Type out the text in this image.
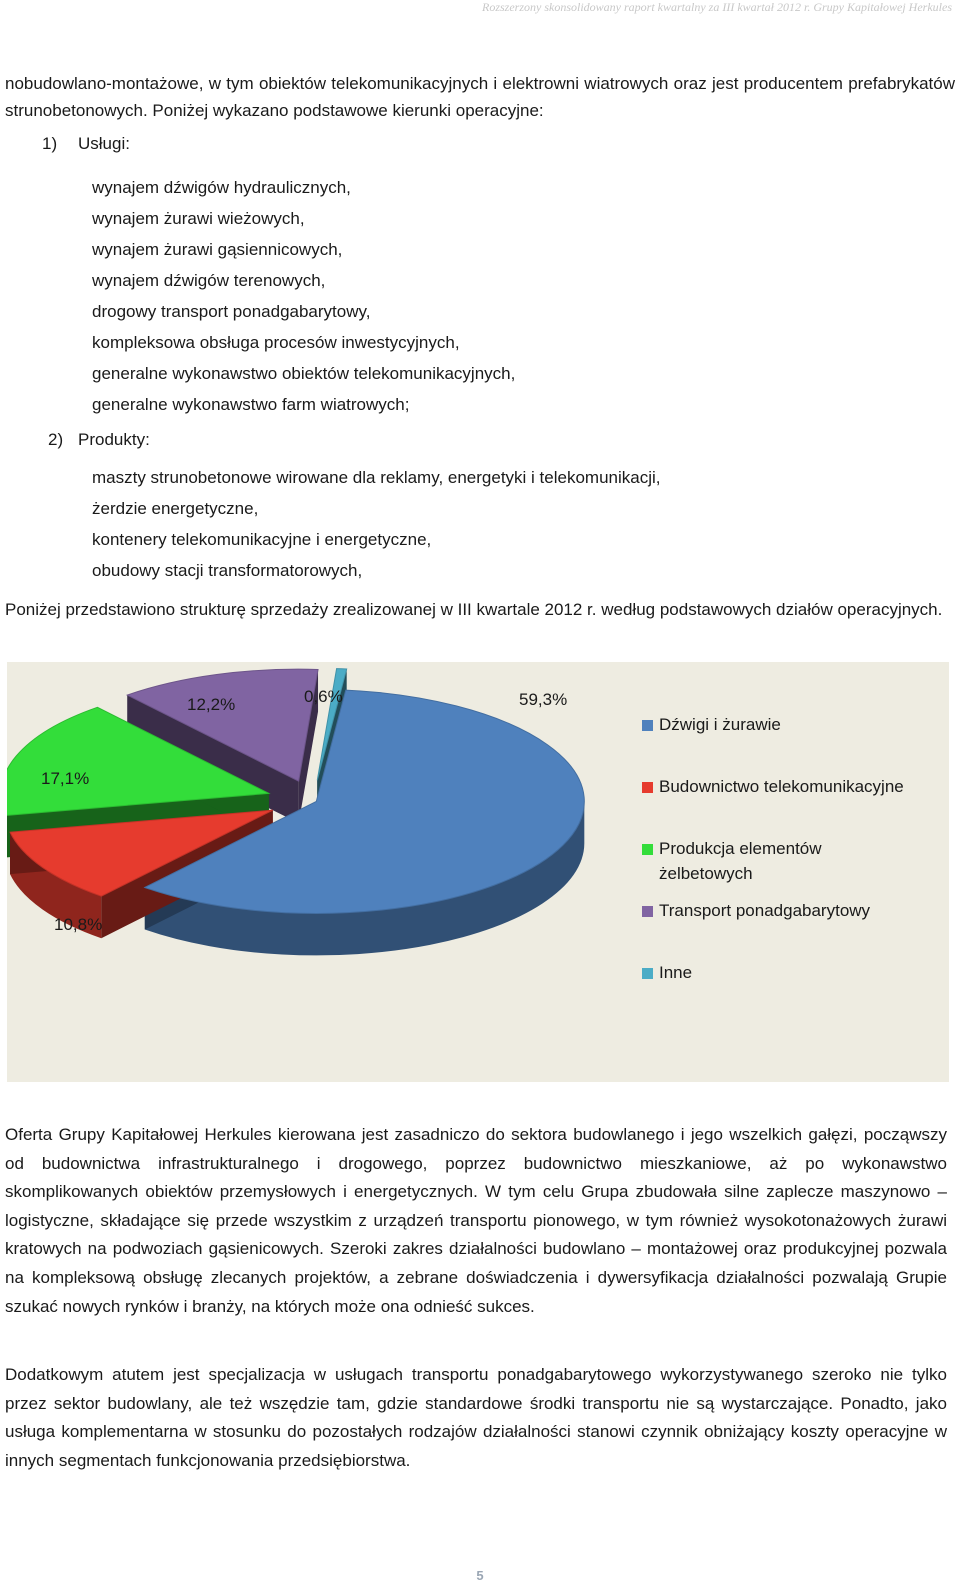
Rozszerzony skonsolidowany raport kwartalny za III kwartał 2012 r. Grupy Kapitałowej Herkules

nobudowlano-montażowe, w tym obiektów telekomunikacyjnych i elektrowni wiatrowych oraz jest producentem prefabrykatów strunobetonowych. Poniżej wykazano podstawowe kierunki operacyjne:

1) Usługi:
wynajem dźwigów hydraulicznych,
wynajem żurawi wieżowych,
wynajem żurawi gąsiennicowych,
wynajem dźwigów terenowych,
drogowy transport ponadgabarytowy,
kompleksowa obsługa procesów inwestycyjnych,
generalne wykonawstwo obiektów telekomunikacyjnych,
generalne wykonawstwo farm wiatrowych;
2) Produkty:
maszty strunobetonowe wirowane dla reklamy, energetyki i telekomunikacji,
żerdzie energetyczne,
kontenery telekomunikacyjne i energetyczne,
obudowy stacji transformatorowych,

Poniżej przedstawiono strukturę sprzedaży zrealizowanej w III kwartale 2012 r. według podstawowych działów operacyjnych.

Dźwigi i żurawie
Budownictwo telekomunikacyjne
Produkcja elementów żelbetowych
Transport ponadgabarytowy
Inne
59,3%
10,8%
17,1%
12,2%	0,6%

Oferta Grupy Kapitałowej Herkules kierowana jest zasadniczo do sektora budowlanego i jego wszelkich gałęzi, począwszy od budownictwa infrastrukturalnego i drogowego, poprzez budownictwo mieszkaniowe, aż po wykonawstwo skomplikowanych obiektów przemysłowych i energetycznych. W tym celu Grupa zbudowała silne zaplecze maszynowo – logistyczne, składające się przede wszystkim z urządzeń transportu pionowego, w tym również wysokotonażowych żurawi kratowych na podwoziach gąsienicowych. Szeroki zakres działalności budowlano – montażowej oraz produkcyjnej pozwala na kompleksową obsługę zlecanych projektów, a zebrane doświadczenia i dywersyfikacja działalności pozwalają Grupie szukać nowych rynków i branży, na których może ona odnieść sukces.

Dodatkowym atutem jest specjalizacja w usługach transportu ponadgabarytowego wykorzystywanego szeroko nie tylko przez sektor budowlany, ale też wszędzie tam, gdzie standardowe środki transportu nie są wystarczające. Ponadto, jako usługa komplementarna w stosunku do pozostałych rodzajów działalności stanowi czynnik obniżający koszty operacyjne w innych segmentach funkcjonowania przedsiębiorstwa.

5
